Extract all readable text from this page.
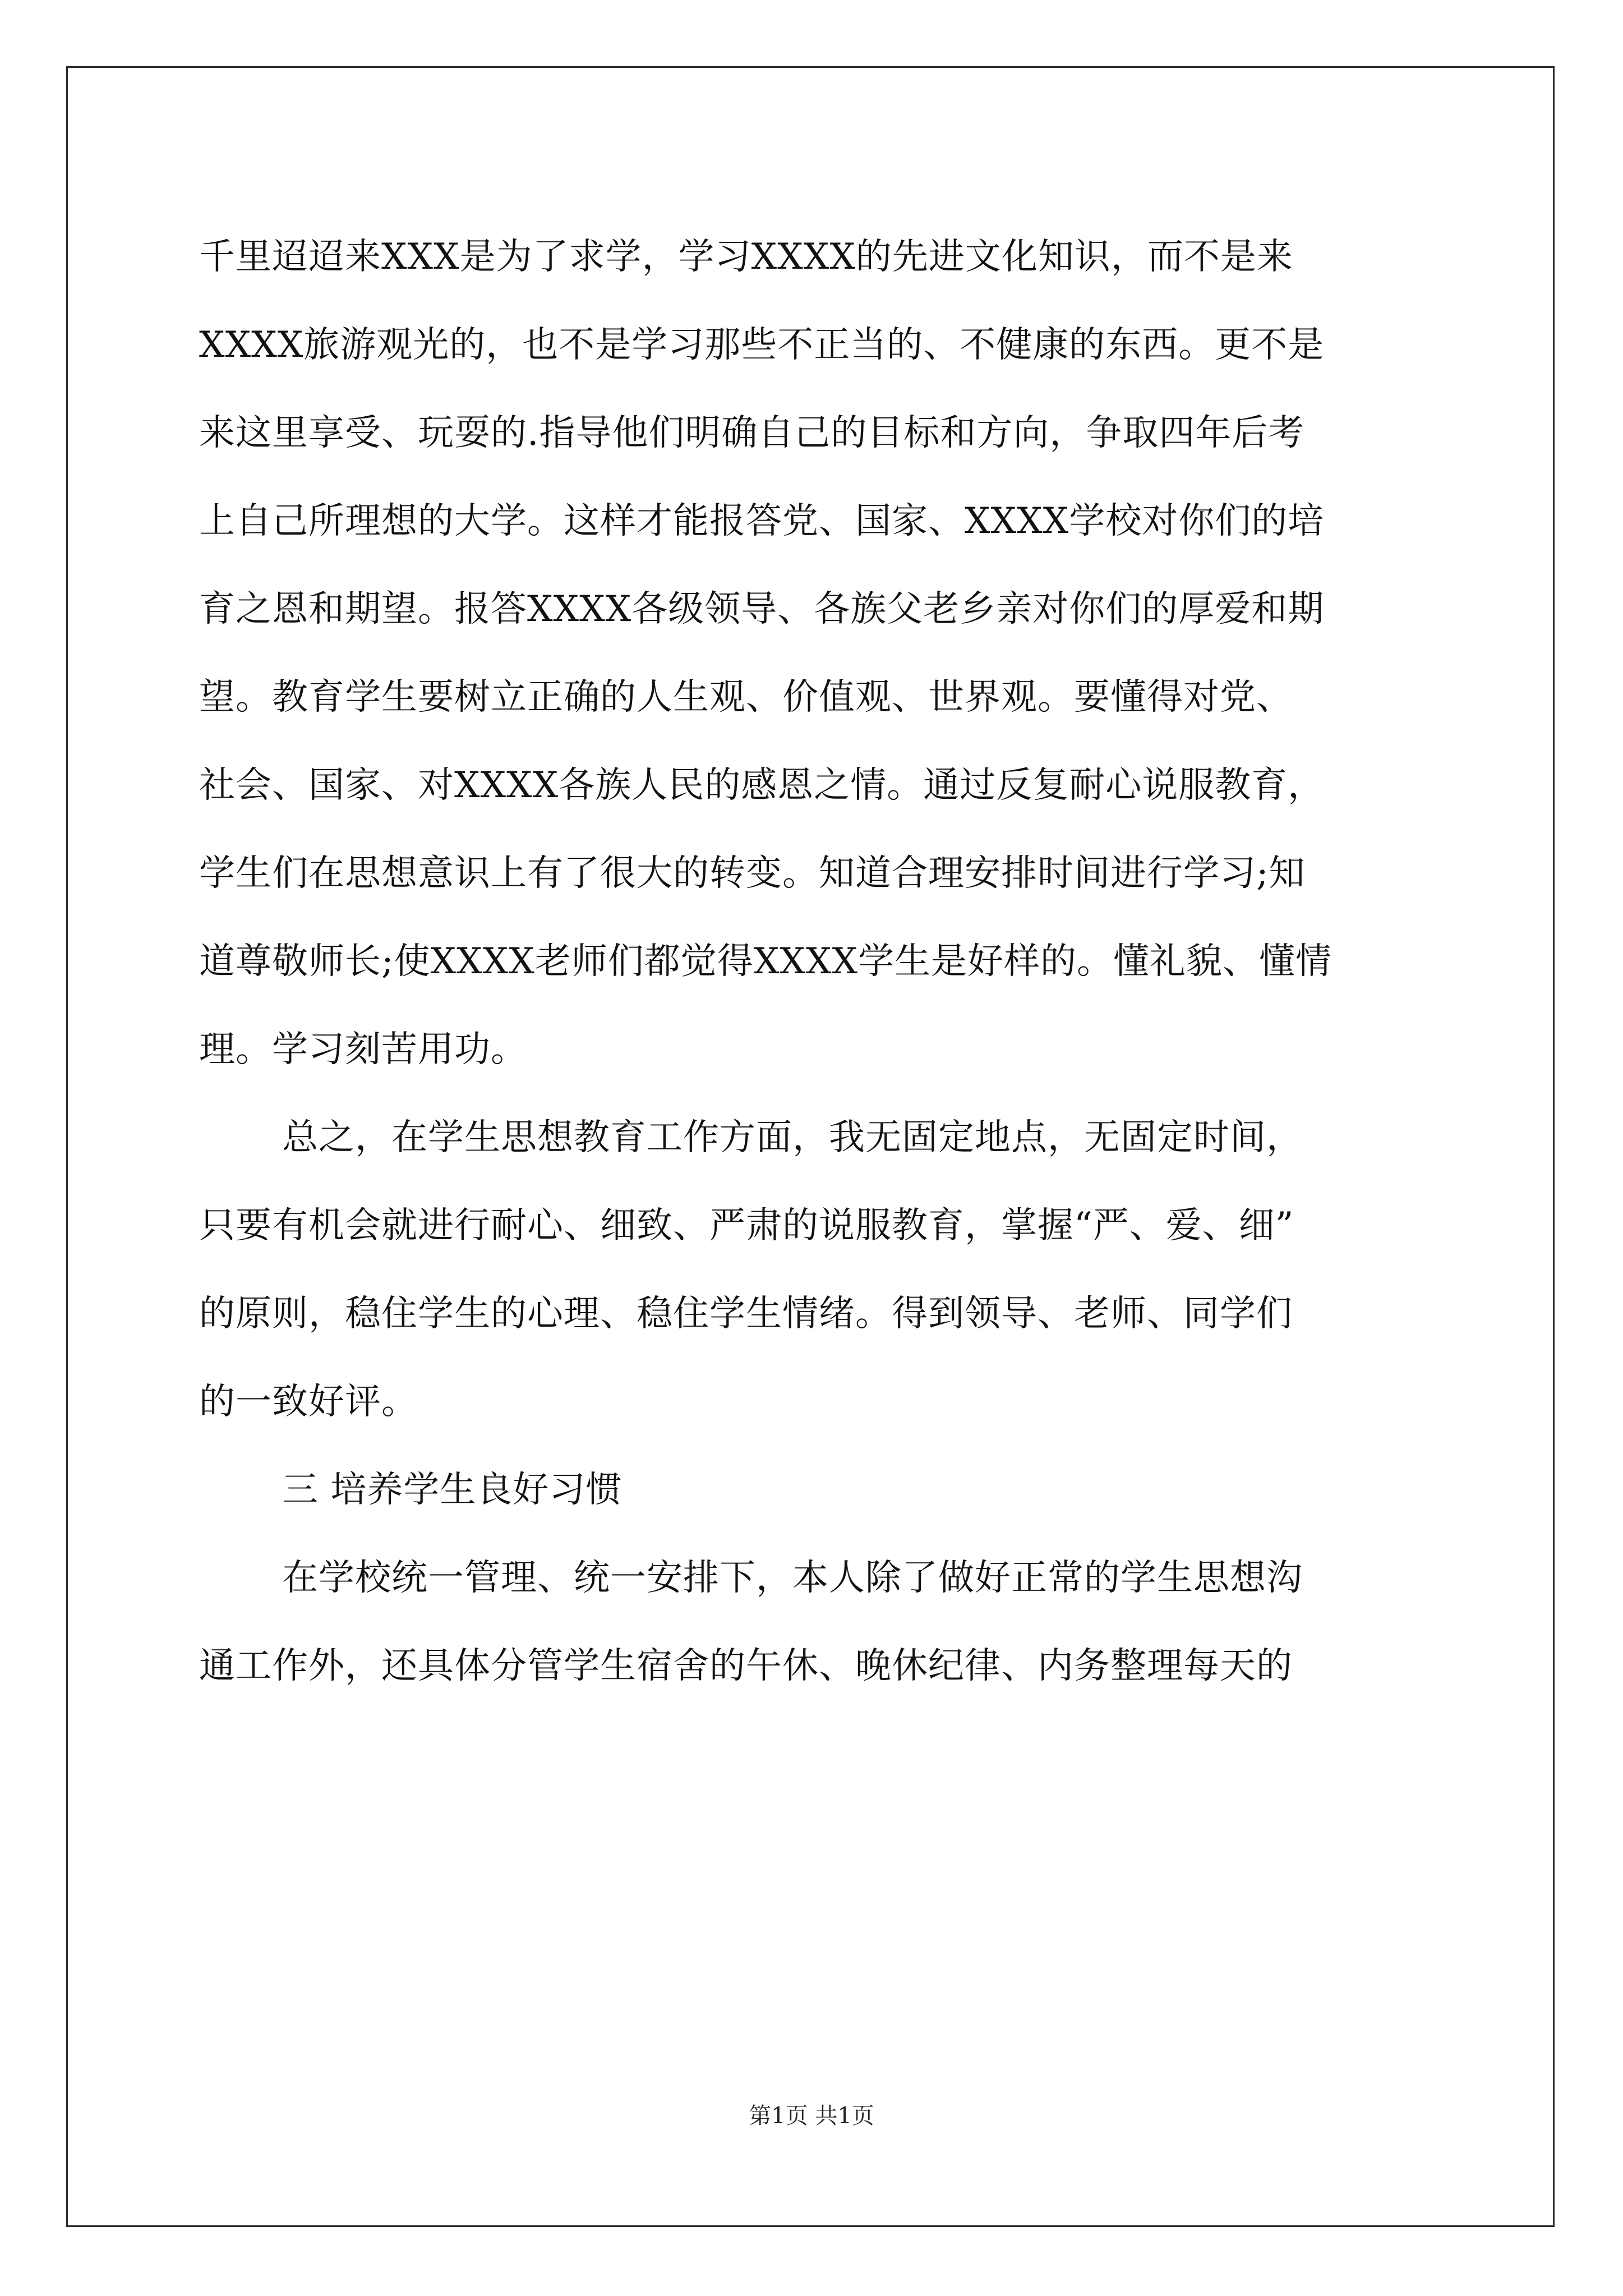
千里迢迢来XXX是为了求学，学习XXXX的先进文化知识，而不是来
XXXX旅游观光的，也不是学习那些不正当的、不健康的东西。更不是
来这里享受、玩耍的.指导他们明确自己的目标和方向，争取四年后考
上自己所理想的大学。这样才能报答党、国家、XXXX学校对你们的培
育之恩和期望。报答XXXX各级领导、各族父老乡亲对你们的厚爱和期
望。教育学生要树立正确的人生观、价值观、世界观。要懂得对党、
社会、国家、对XXXX各族人民的感恩之情。通过反复耐心说服教育，
学生们在思想意识上有了很大的转变。知道合理安排时间进行学习;知
道尊敬师长;使XXXX老师们都觉得XXXX学生是好样的。懂礼貌、懂情
理。学习刻苦用功。
总之，在学生思想教育工作方面，我无固定地点，无固定时间，
只要有机会就进行耐心、细致、严肃的说服教育，掌握“严、爱、细”
的原则，稳住学生的心理、稳住学生情绪。得到领导、老师、同学们
的一致好评。
三 培养学生良好习惯
在学校统一管理、统一安排下，本人除了做好正常的学生思想沟
通工作外，还具体分管学生宿舍的午休、晚休纪律、内务整理每天的
第1页 共1页
